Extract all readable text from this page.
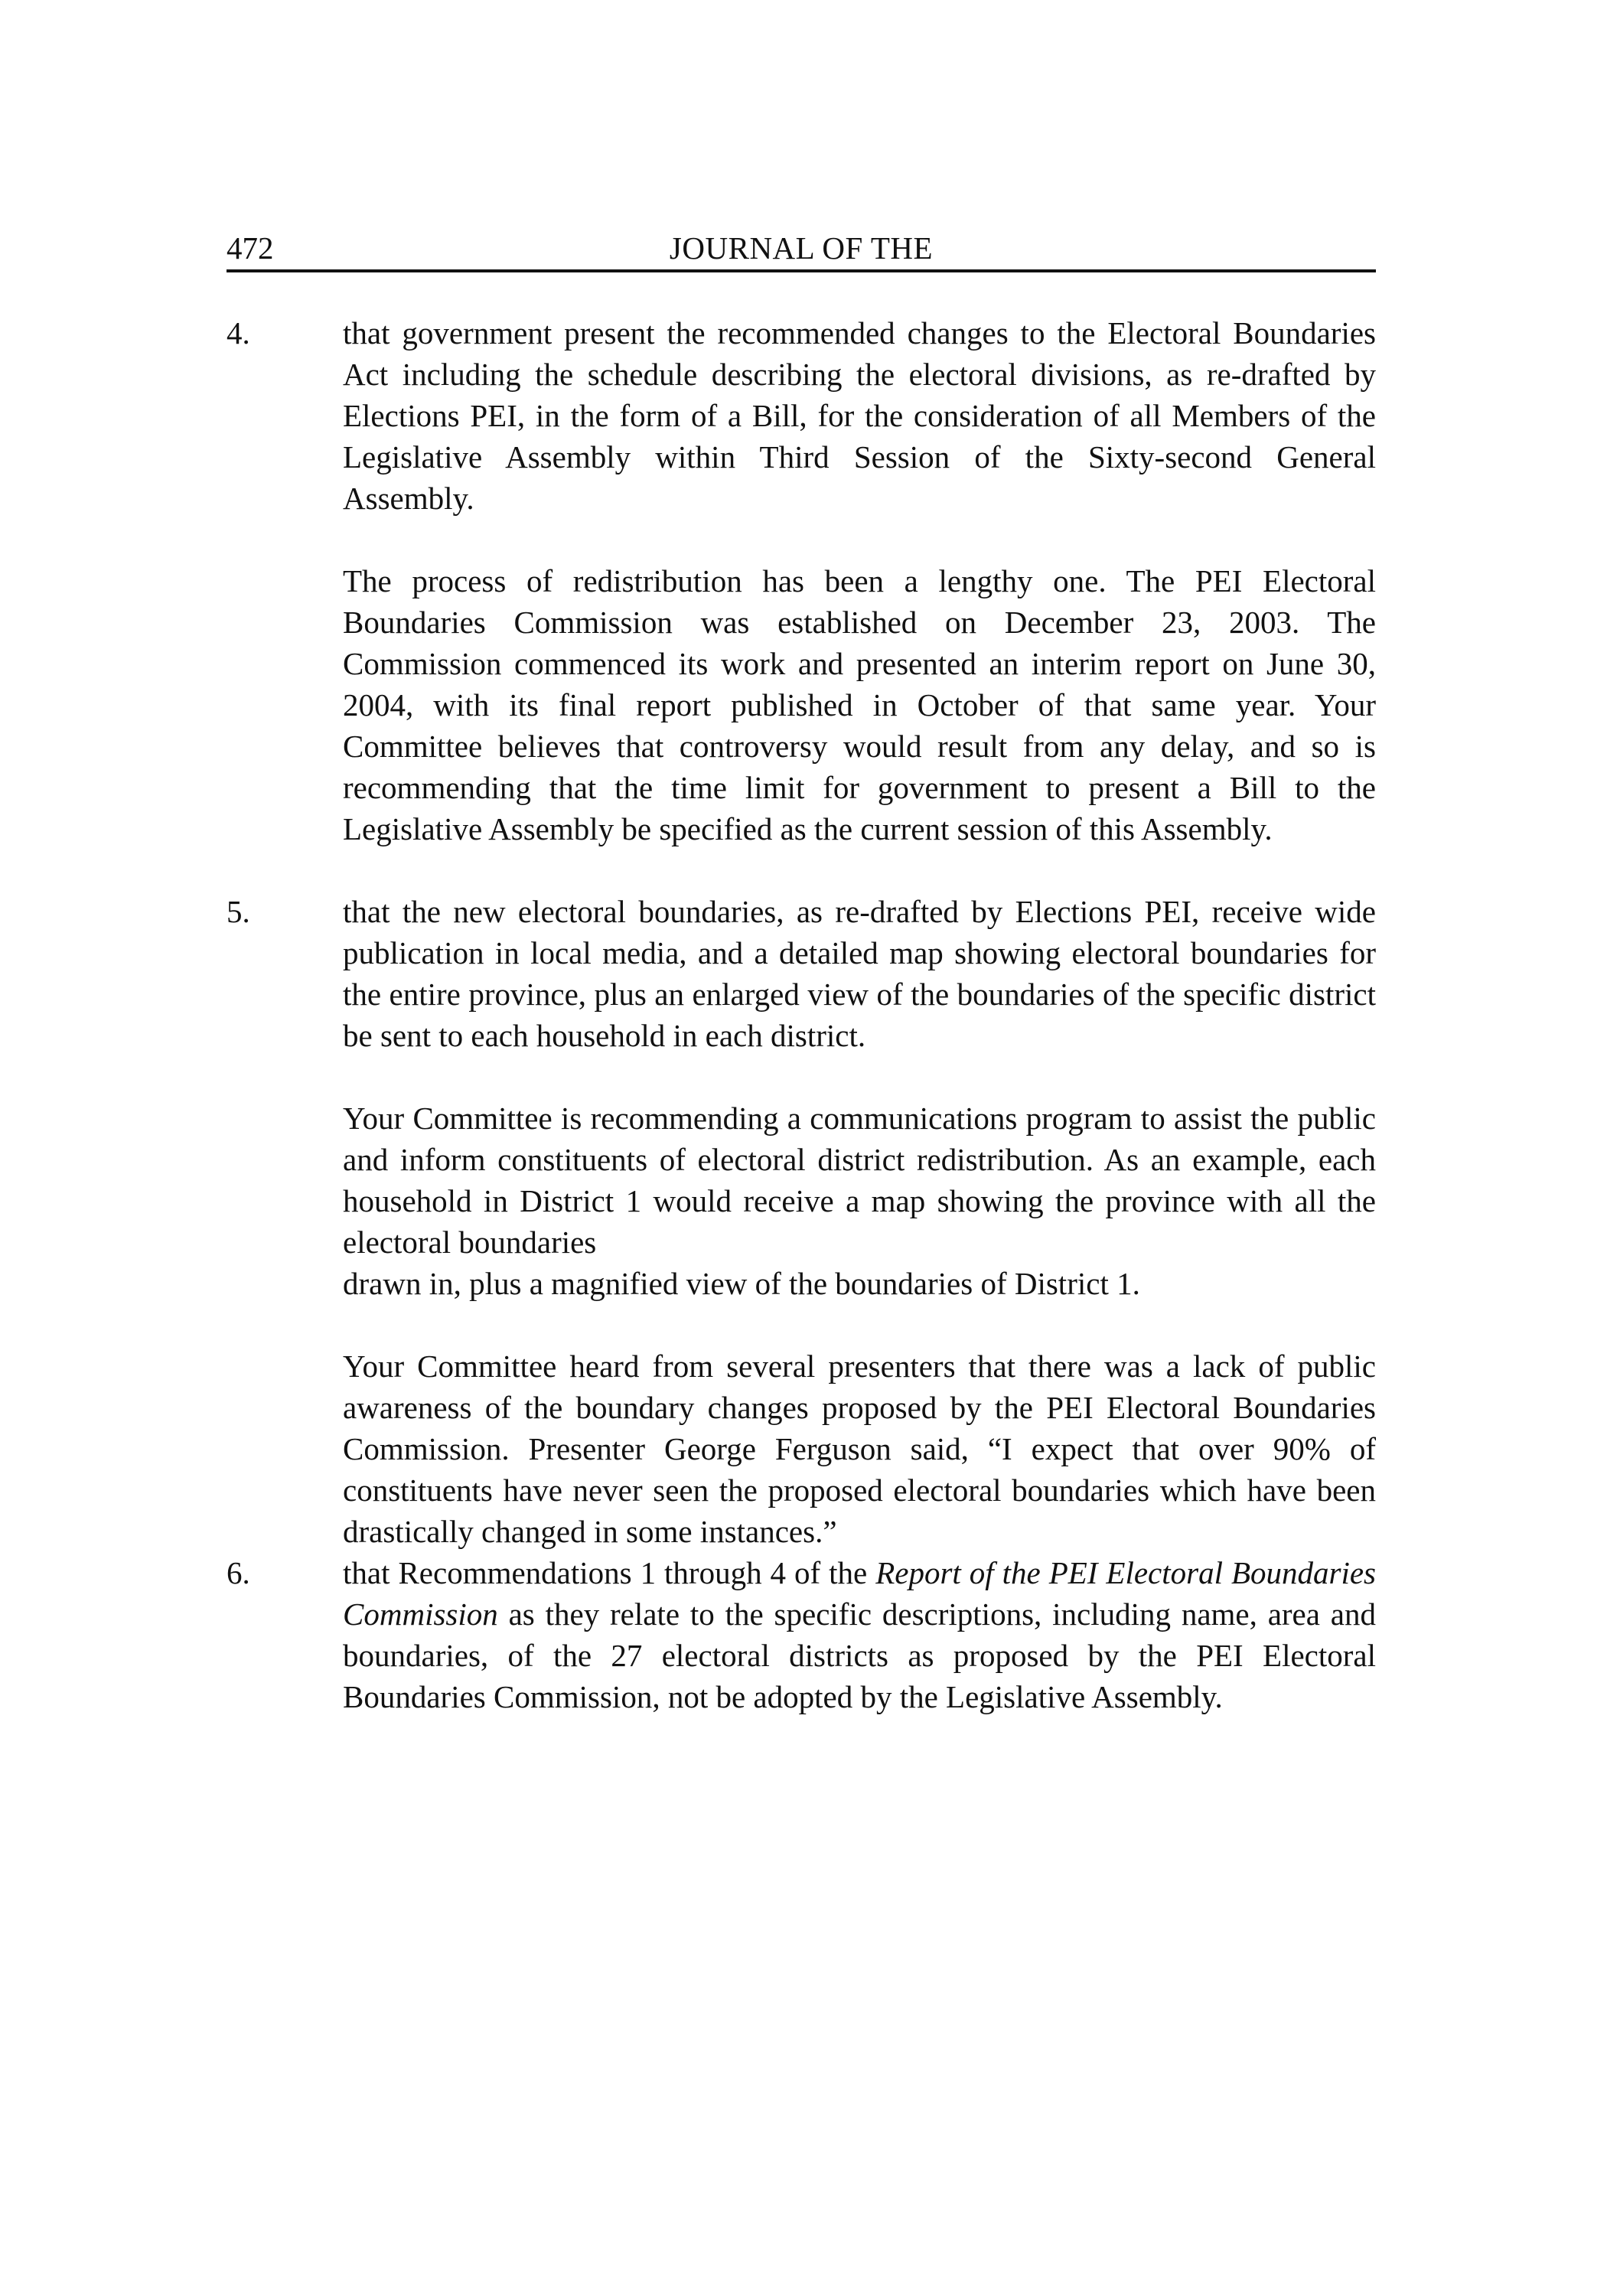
472	JOURNAL OF THE
4.	that government present the recommended changes to the Electoral Boundaries Act including the schedule describing the electoral divisions, as re-drafted by Elections PEI, in the form of a Bill, for the consideration of all Members of the Legislative Assembly within Third Session of the Sixty-second General Assembly.

The process of redistribution has been a lengthy one. The PEI Electoral Boundaries Commission was established on December 23, 2003. The Commission commenced its work and presented an interim report on June 30, 2004, with its final report published in October of that same year. Your Committee believes that controversy would result from any delay, and so is recommending that the time limit for government to present a Bill to the Legislative Assembly be specified as the current session of this Assembly.

5.	that the new electoral boundaries, as re-drafted by Elections PEI, receive wide publication in local media, and a detailed map showing electoral boundaries for the entire province, plus an enlarged view of the boundaries of the specific district be sent to each household in each district.

Your Committee is recommending a communications program to assist the public and inform constituents of electoral district redistribution. As an example, each household in District 1 would receive a map showing the province with all the electoral boundaries

drawn in, plus a magnified view of the boundaries of District 1.

Your Committee heard from several presenters that there was a lack of public awareness of the boundary changes proposed by the PEI Electoral Boundaries Commission. Presenter George Ferguson said, “I expect that over 90% of constituents have never seen the proposed electoral boundaries which have been drastically changed in some instances.”

6.	that Recommendations 1 through 4 of the Report of the PEI Electoral Boundaries Commission as they relate to the specific descriptions, including name, area and boundaries, of the 27 electoral districts as proposed by the PEI Electoral Boundaries Commission, not be adopted by the Legislative Assembly.
